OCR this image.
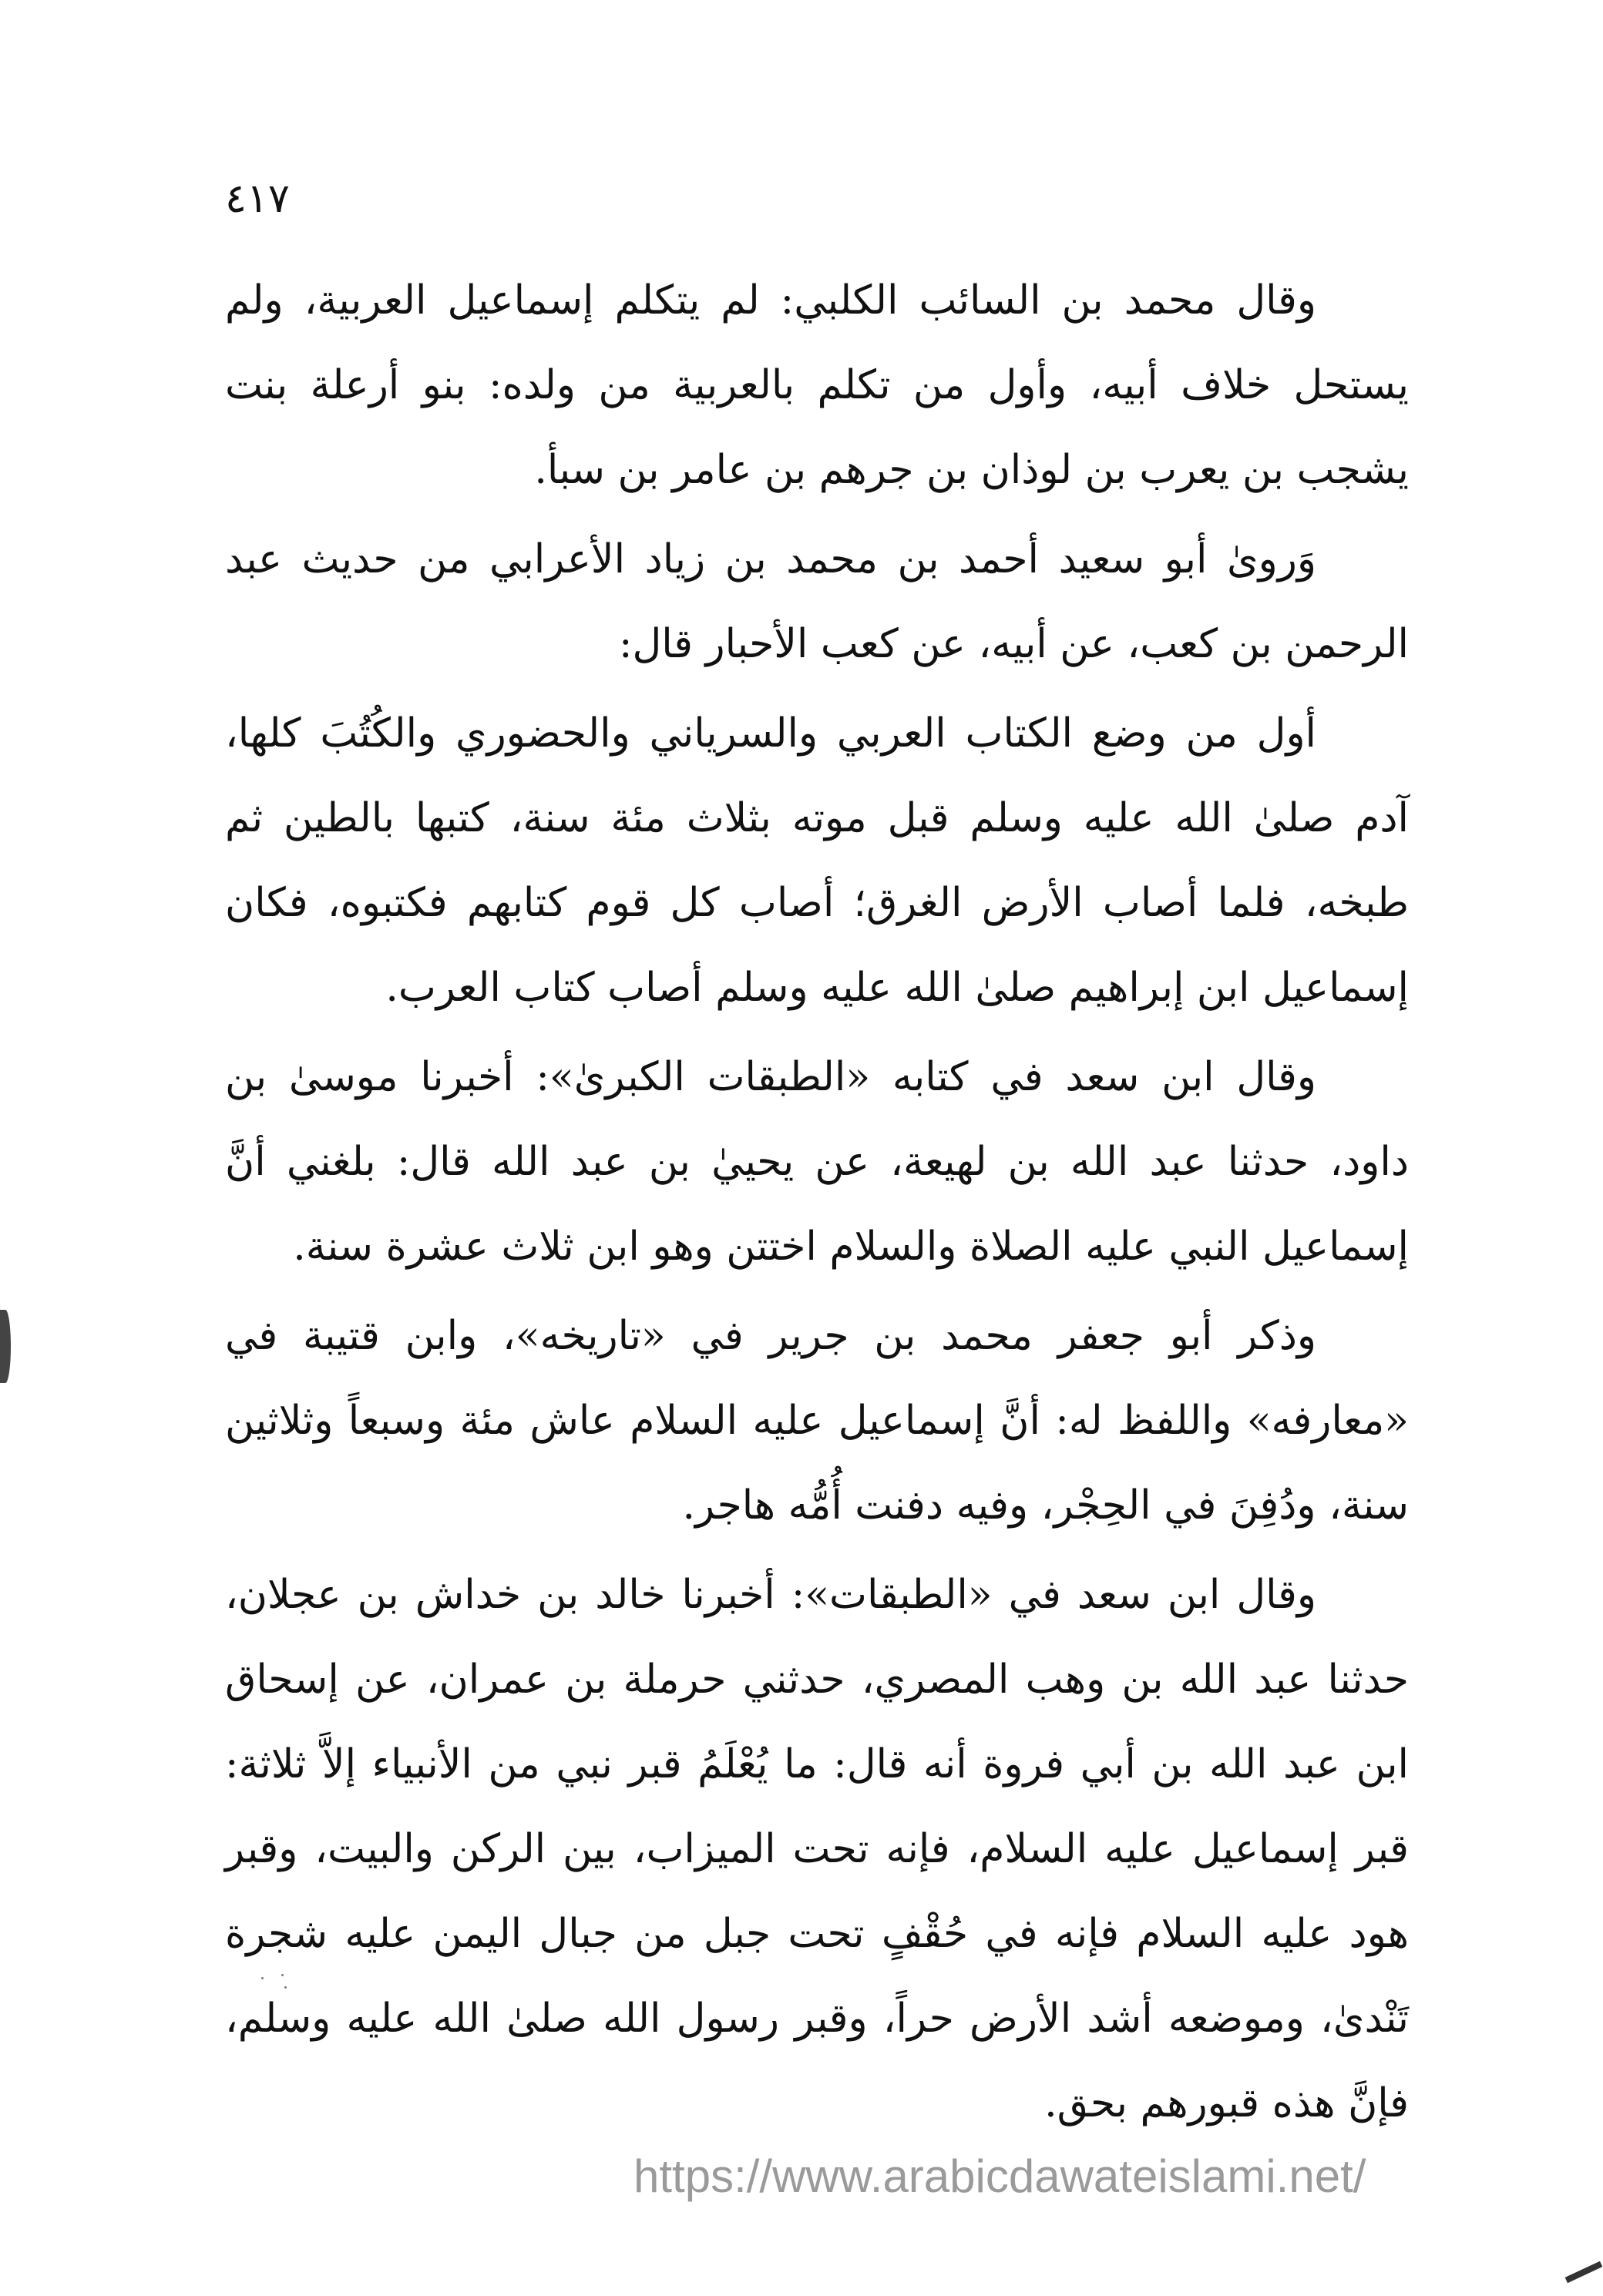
٤١٧

وقال محمد بن السائب الكلبي: لم يتكلم إسماعيل العربية، ولم يستحل خلاف أبيه، وأول من تكلم بالعربية من ولده: بنو أرعلة بنت يشجب بن يعرب بن لوذان بن جرهم بن عامر بن سبأ.

وَروىٰ أبو سعيد أحمد بن محمد بن زياد الأعرابي من حديث عبد الرحمن بن كعب، عن أبيه، عن كعب الأحبار قال:

أول من وضع الكتاب العربي والسرياني والحضوري والكُتُبَ كلها، آدم صلىٰ الله عليه وسلم قبل موته بثلاث مئة سنة، كتبها بالطين ثم طبخه، فلما أصاب الأرض الغرق؛ أصاب كل قوم كتابهم فكتبوه، فكان إسماعيل ابن إبراهيم صلىٰ الله عليه وسلم أصاب كتاب العرب.

وقال ابن سعد في كتابه «الطبقات الكبرىٰ»: أخبرنا موسىٰ بن داود، حدثنا عبد الله بن لهيعة، عن يحييٰ بن عبد الله قال: بلغني أنَّ إسماعيل النبي عليه الصلاة والسلام اختتن وهو ابن ثلاث عشرة سنة.

وذكر أبو جعفر محمد بن جرير في «تاريخه»، وابن قتيبة في «معارفه» واللفظ له: أنَّ إسماعيل عليه السلام عاش مئة وسبعاً وثلاثين سنة، ودُفِنَ في الحِجْر، وفيه دفنت أُمُّه هاجر.

وقال ابن سعد في «الطبقات»: أخبرنا خالد بن خداش بن عجلان، حدثنا عبد الله بن وهب المصري، حدثني حرملة بن عمران، عن إسحاق ابن عبد الله بن أبي فروة أنه قال: ما يُعْلَمُ قبر نبي من الأنبياء إلاَّ ثلاثة: قبر إسماعيل عليه السلام، فإنه تحت الميزاب، بين الركن والبيت، وقبر هود عليه السلام فإنه في حُقْفٍ تحت جبل من جبال اليمن عليه شجرة تَنْدىٰ، وموضعه أشد الأرض حراً، وقبر رسول الله صلىٰ الله عليه وسلم، فإنَّ هذه قبورهم بحق.

https://www.arabicdawateislami.net/
